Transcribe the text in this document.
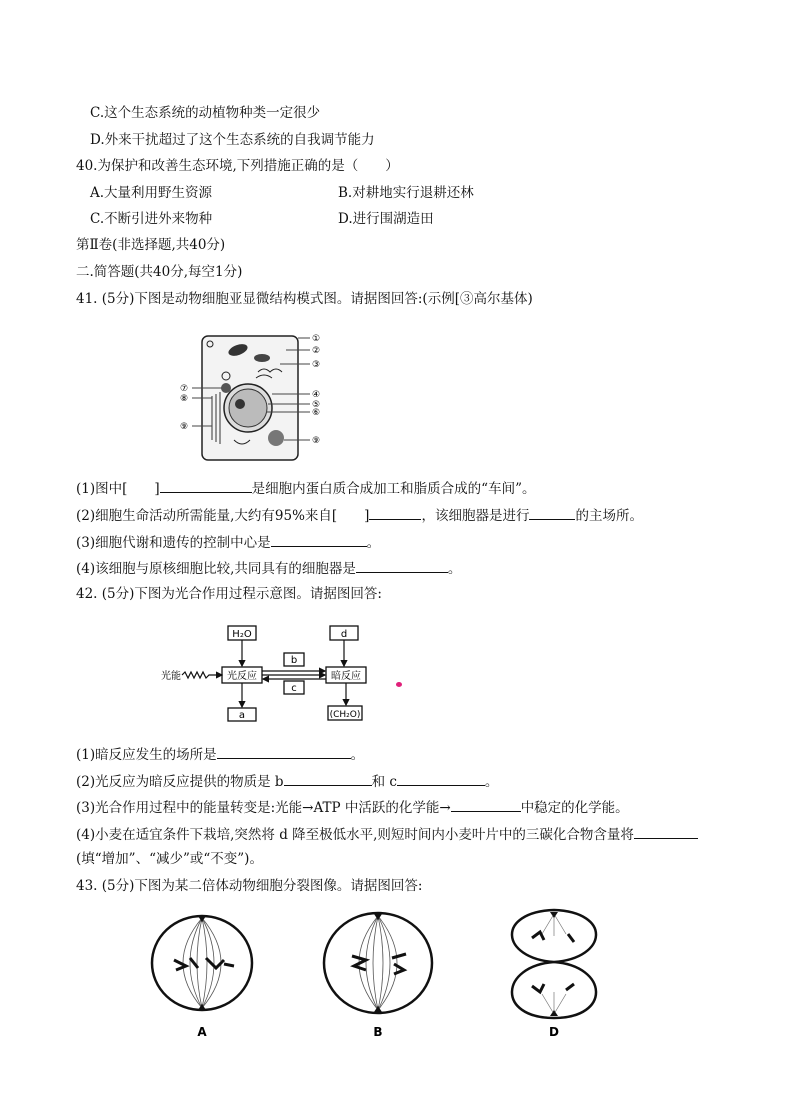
C.这个生态系统的动植物种类一定很少
D.外来干扰超过了这个生态系统的自我调节能力
40.为保护和改善生态环境,下列措施正确的是（　　）
A.大量利用野生资源	B.对耕地实行退耕还林
C.不断引进外来物种	D.进行围湖造田
第Ⅱ卷(非选择题,共40分)
二.简答题(共40分,每空1分)
41. (5分)下图是动物细胞亚显微结构模式图。请据图回答:(示例[③高尔基体)
①
②
③
④
⑤
⑥
⑨
⑦
⑧
⑨
(1)图中[　　]	是细胞内蛋白质合成加工和脂质合成的“车间”。
(2)细胞生命活动所需能量,大约有95%来自[　　]	，该细胞器是进行	的主场所。
(3)细胞代谢和遗传的控制中心是	。
(4)该细胞与原核细胞比较,共同具有的细胞器是	。
42. (5分)下图为光合作用过程示意图。请据图回答:
H₂O	d
b
c
光能	光反应	暗反应
a	(CH₂O)
(1)暗反应发生的场所是	。
(2)光反应为暗反应提供的物质是 b	和 c	。
(3)光合作用过程中的能量转变是:光能→ATP 中活跃的化学能→	中稳定的化学能。
(4)小麦在适宜条件下栽培,突然将 d 降至极低水平,则短时间内小麦叶片中的三碳化合物含量将
(填“增加”、“减少”或“不变”)。
43. (5分)下图为某二倍体动物细胞分裂图像。请据图回答:
A	B	D
